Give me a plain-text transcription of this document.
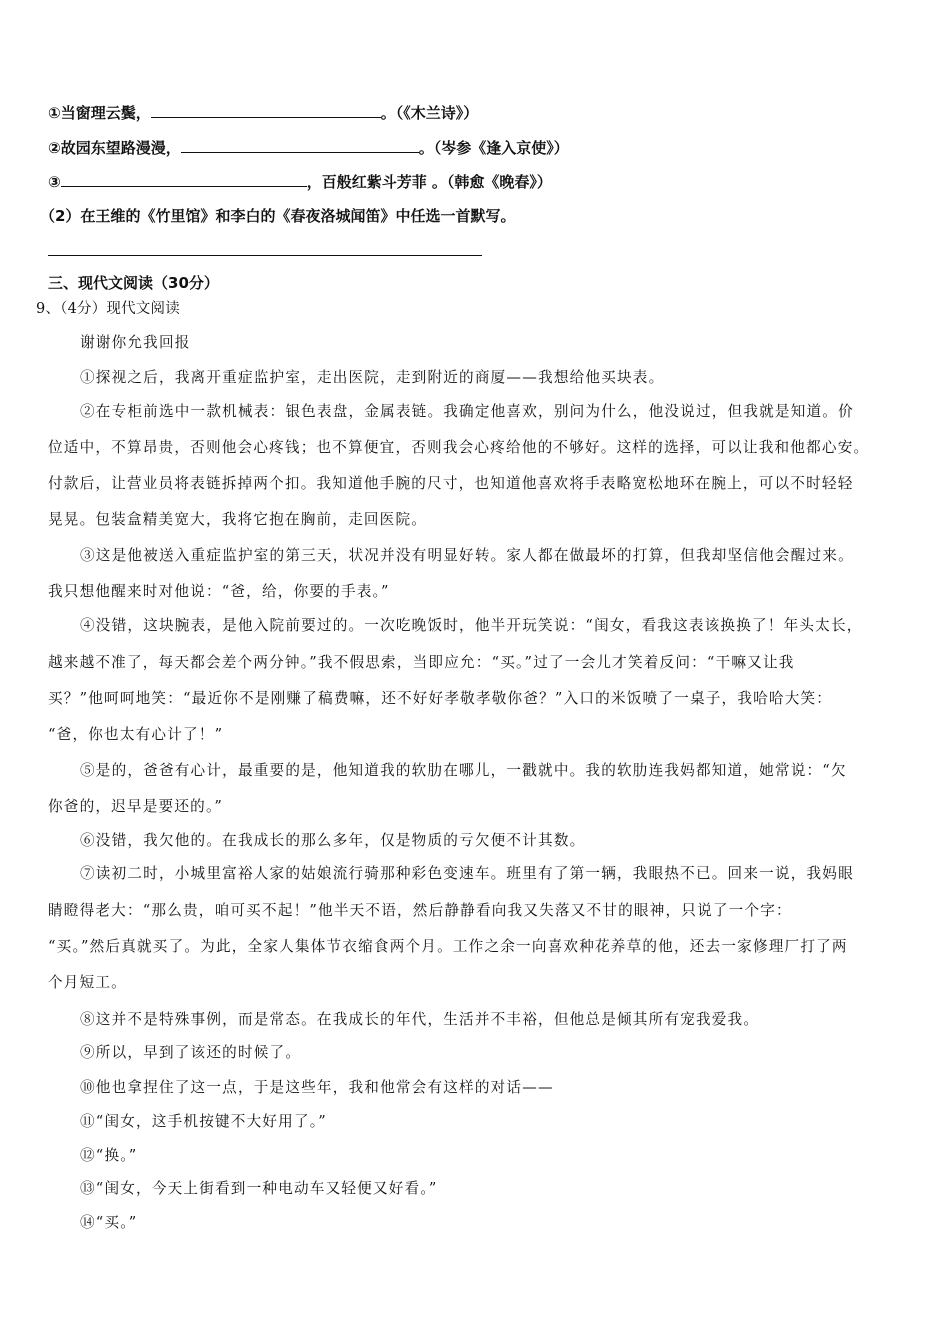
①当窗理云鬓，	。（《木兰诗》）
②故园东望路漫漫，	。（岑参《逢入京使》）
③	，百般红紫斗芳菲 。（韩愈《晚春》）
（2）在王维的《竹里馆》和李白的《春夜洛城闻笛》中任选一首默写。
三、现代文阅读（30分）
9、（4分）现代文阅读
谢谢你允我回报
①探视之后，我离开重症监护室，走出医院，走到附近的商厦——我想给他买块表。
②在专柜前选中一款机械表：银色表盘，金属表链。我确定他喜欢，别问为什么，他没说过，但我就是知道。价
位适中，不算昂贵，否则他会心疼钱；也不算便宜，否则我会心疼给他的不够好。这样的选择，可以让我和他都心安。
付款后，让营业员将表链拆掉两个扣。我知道他手腕的尺寸，也知道他喜欢将手表略宽松地环在腕上，可以不时轻轻
晃晃。包装盒精美宽大，我将它抱在胸前，走回医院。
③这是他被送入重症监护室的第三天，状况并没有明显好转。家人都在做最坏的打算，但我却坚信他会醒过来。
我只想他醒来时对他说：“爸，给，你要的手表。”
④没错，这块腕表，是他入院前要过的。一次吃晚饭时，他半开玩笑说：“闺女，看我这表该换换了！年头太长，
越来越不准了，每天都会差个两分钟。”我不假思索，当即应允：“买。”过了一会儿才笑着反问：“干嘛又让我
买？”他呵呵地笑：“最近你不是刚赚了稿费嘛，还不好好孝敬孝敬你爸？”入口的米饭喷了一桌子，我哈哈大笑：
“爸，你也太有心计了！”
⑤是的，爸爸有心计，最重要的是，他知道我的软肋在哪儿，一戳就中。我的软肋连我妈都知道，她常说：“欠
你爸的，迟早是要还的。”
⑥没错，我欠他的。在我成长的那么多年，仅是物质的亏欠便不计其数。
⑦读初二时，小城里富裕人家的姑娘流行骑那种彩色变速车。班里有了第一辆，我眼热不已。回来一说，我妈眼
睛瞪得老大：“那么贵，咱可买不起！”他半天不语，然后静静看向我又失落又不甘的眼神，只说了一个字：
“买。”然后真就买了。为此，全家人集体节衣缩食两个月。工作之余一向喜欢种花养草的他，还去一家修理厂打了两
个月短工。
⑧这并不是特殊事例，而是常态。在我成长的年代，生活并不丰裕，但他总是倾其所有宠我爱我。
⑨所以，早到了该还的时候了。
⑩他也拿捏住了这一点，于是这些年，我和他常会有这样的对话——
⑪“闺女，这手机按键不大好用了。”
⑫“换。”
⑬“闺女，今天上街看到一种电动车又轻便又好看。”
⑭“买。”
